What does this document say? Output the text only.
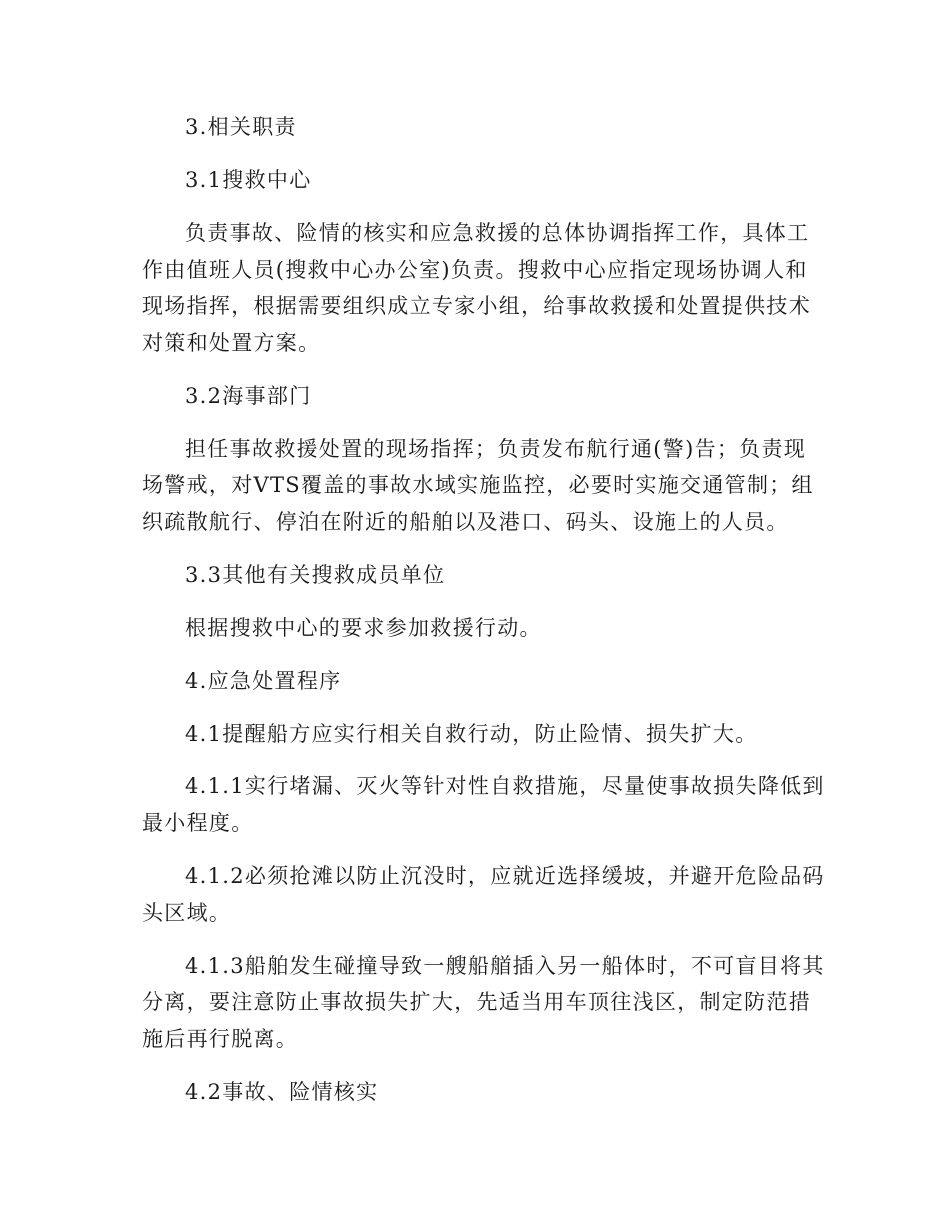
3.相关职责
3.1搜救中心
负责事故、险情的核实和应急救援的总体协调指挥工作，具体工
作由值班人员(搜救中心办公室)负责。搜救中心应指定现场协调人和
现场指挥，根据需要组织成立专家小组，给事故救援和处置提供技术
对策和处置方案。
3.2海事部门
担任事故救援处置的现场指挥；负责发布航行通(警)告；负责现
场警戒，对VTS覆盖的事故水域实施监控，必要时实施交通管制；组
织疏散航行、停泊在附近的船舶以及港口、码头、设施上的人员。
3.3其他有关搜救成员单位
根据搜救中心的要求参加救援行动。
4.应急处置程序
4.1提醒船方应实行相关自救行动，防止险情、损失扩大。
4.1.1实行堵漏、灭火等针对性自救措施，尽量使事故损失降低到
最小程度。
4.1.2必须抢滩以防止沉没时，应就近选择缓坡，并避开危险品码
头区域。
4.1.3船舶发生碰撞导致一艘船艏插入另一船体时，不可盲目将其
分离，要注意防止事故损失扩大，先适当用车顶往浅区，制定防范措
施后再行脱离。
4.2事故、险情核实
